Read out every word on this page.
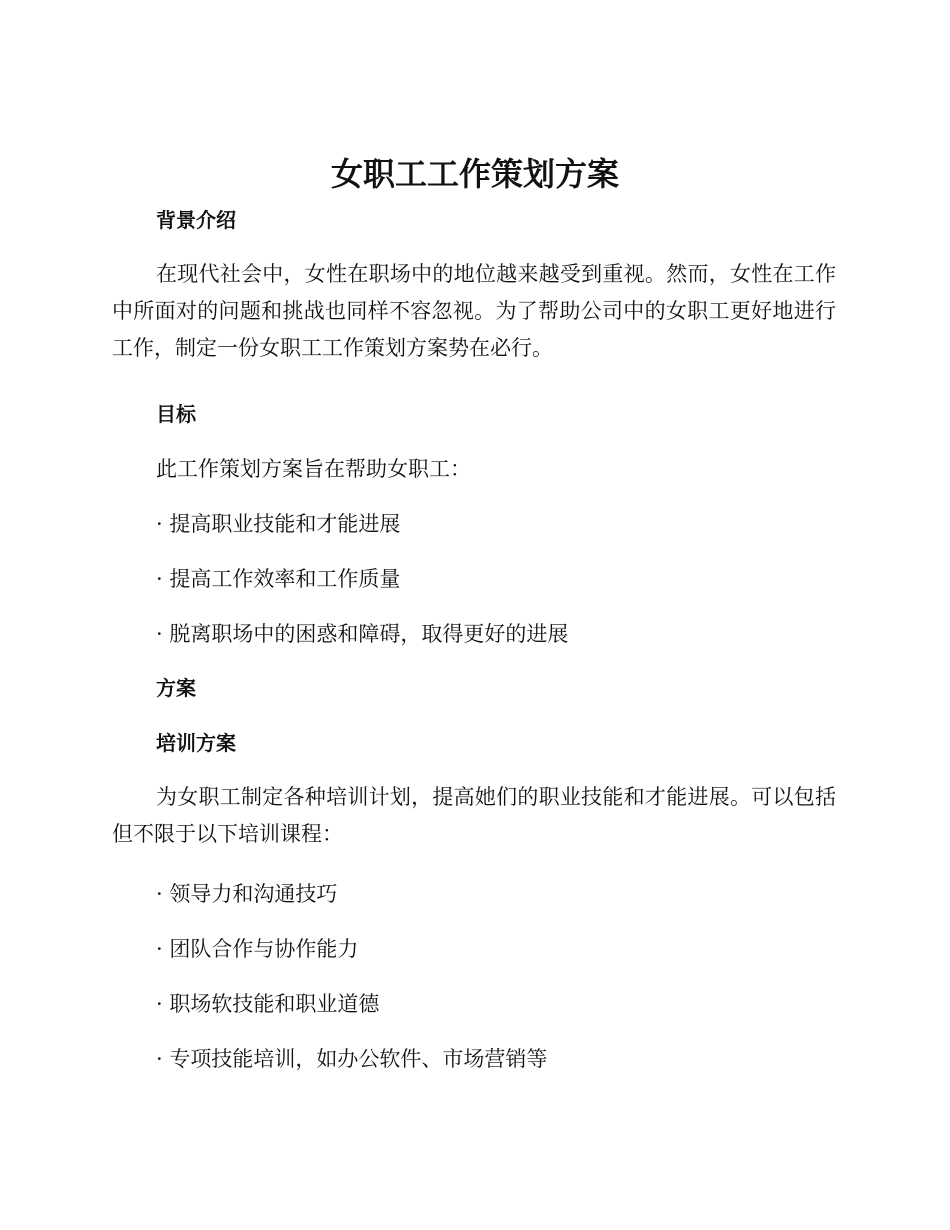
女职工工作策划方案
背景介绍
在现代社会中，女性在职场中的地位越来越受到重视。然而，女性在工作中所面对的问题和挑战也同样不容忽视。为了帮助公司中的女职工更好地进行工作，制定一份女职工工作策划方案势在必行。
目标
此工作策划方案旨在帮助女职工：
· 提高职业技能和才能进展
· 提高工作效率和工作质量
· 脱离职场中的困惑和障碍，取得更好的进展
方案
培训方案
为女职工制定各种培训计划，提高她们的职业技能和才能进展。可以包括但不限于以下培训课程：
· 领导力和沟通技巧
· 团队合作与协作能力
· 职场软技能和职业道德
· 专项技能培训，如办公软件、市场营销等
